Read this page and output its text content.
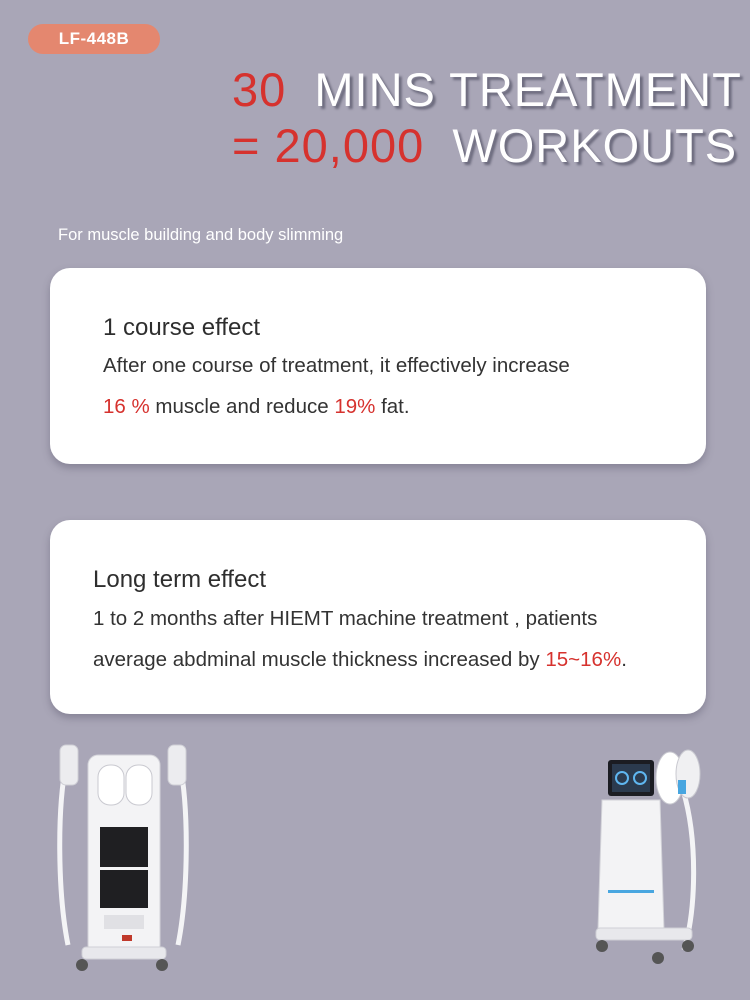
LF-448B
30 MINS TREATMENT
= 20,000 WORKOUTS
For muscle building and body slimming
1 course effect
After one course of treatment, it effectively increase
16 % muscle and reduce 19% fat.
Long term effect
1 to 2 months after HIEMT machine treatment , patients
average abdminal muscle thickness increased by 15~16%.
